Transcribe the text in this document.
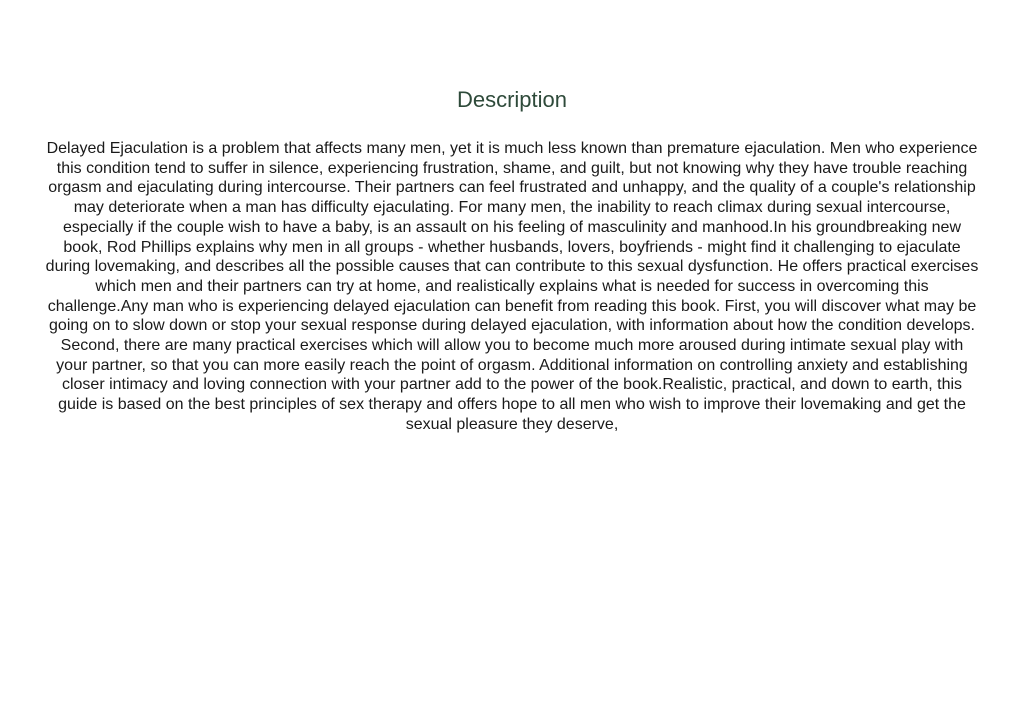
Description

Delayed Ejaculation is a problem that affects many men, yet it is much less known than premature ejaculation. Men who experience this condition tend to suffer in silence, experiencing frustration, shame, and guilt, but not knowing why they have trouble reaching orgasm and ejaculating during intercourse. Their partners can feel frustrated and unhappy, and the quality of a couple's relationship may deteriorate when a man has difficulty ejaculating. For many men, the inability to reach climax during sexual intercourse, especially if the couple wish to have a baby, is an assault on his feeling of masculinity and manhood.In his groundbreaking new book, Rod Phillips explains why men in all groups - whether husbands, lovers, boyfriends - might find it challenging to ejaculate during lovemaking, and describes all the possible causes that can contribute to this sexual dysfunction. He offers practical exercises which men and their partners can try at home, and realistically explains what is needed for success in overcoming this challenge.Any man who is experiencing delayed ejaculation can benefit from reading this book. First, you will discover what may be going on to slow down or stop your sexual response during delayed ejaculation, with information about how the condition develops. Second, there are many practical exercises which will allow you to become much more aroused during intimate sexual play with your partner, so that you can more easily reach the point of orgasm. Additional information on controlling anxiety and establishing closer intimacy and loving connection with your partner add to the power of the book.Realistic, practical, and down to earth, this guide is based on the best principles of sex therapy and offers hope to all men who wish to improve their lovemaking and get the sexual pleasure they deserve,
